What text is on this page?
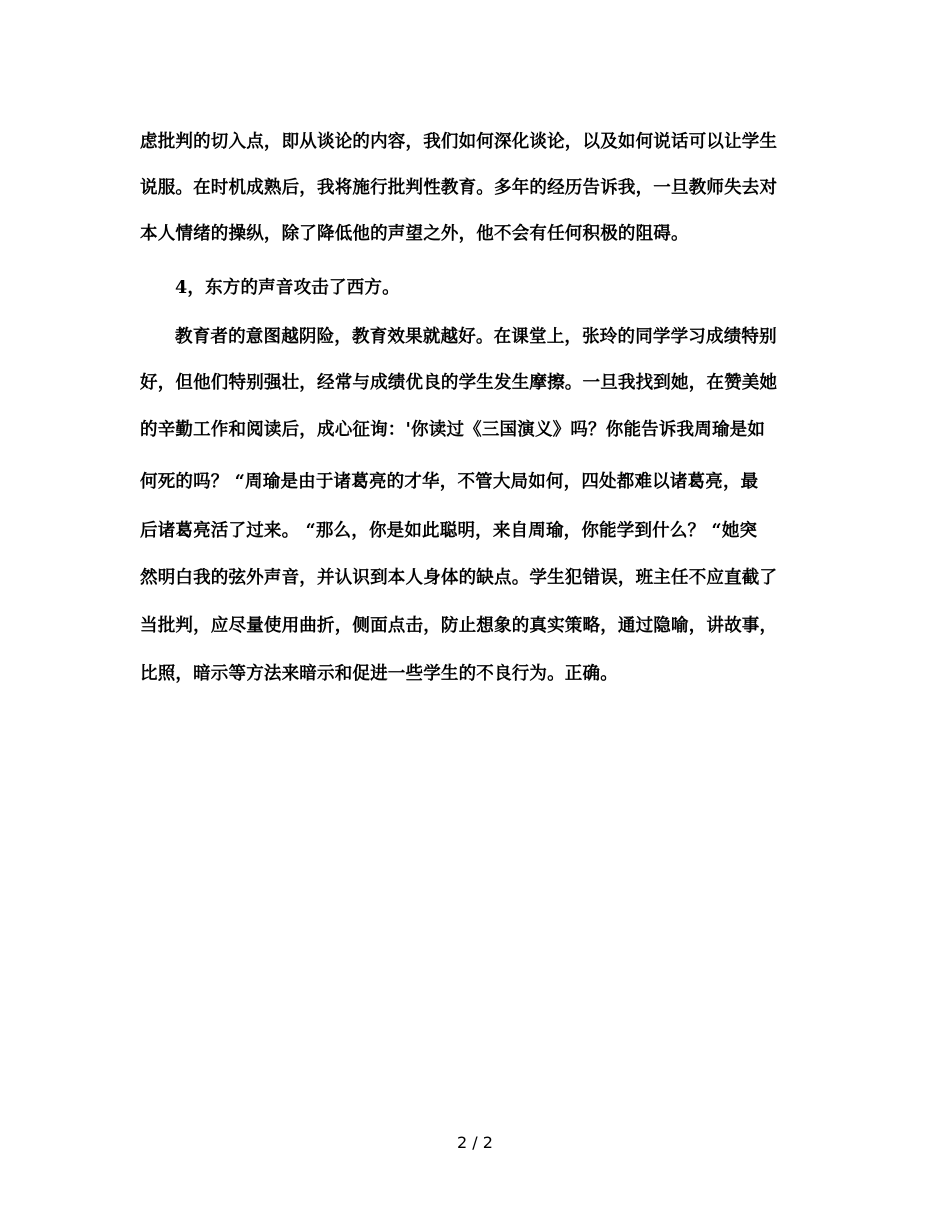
虑批判的切入点，即从谈论的内容，我们如何深化谈论，以及如何说话可以让学生
说服。在时机成熟后，我将施行批判性教育。多年的经历告诉我，一旦教师失去对
本人情绪的操纵，除了降低他的声望之外，他不会有任何积极的阻碍。
4，东方的声音攻击了西方。
教育者的意图越阴险，教育效果就越好。在课堂上，张玲的同学学习成绩特别
好，但他们特别强壮，经常与成绩优良的学生发生摩擦。一旦我找到她，在赞美她
的辛勤工作和阅读后，成心征询：'你读过《三国演义》吗？你能告诉我周瑜是如
何死的吗？ “周瑜是由于诸葛亮的才华，不管大局如何，四处都难以诸葛亮，最
后诸葛亮活了过来。 “那么，你是如此聪明，来自周瑜，你能学到什么？ “她突
然明白我的弦外声音，并认识到本人身体的缺点。学生犯错误，班主任不应直截了
当批判，应尽量使用曲折，侧面点击，防止想象的真实策略，通过隐喻，讲故事，
比照，暗示等方法来暗示和促进一些学生的不良行为。正确。
2 / 2
